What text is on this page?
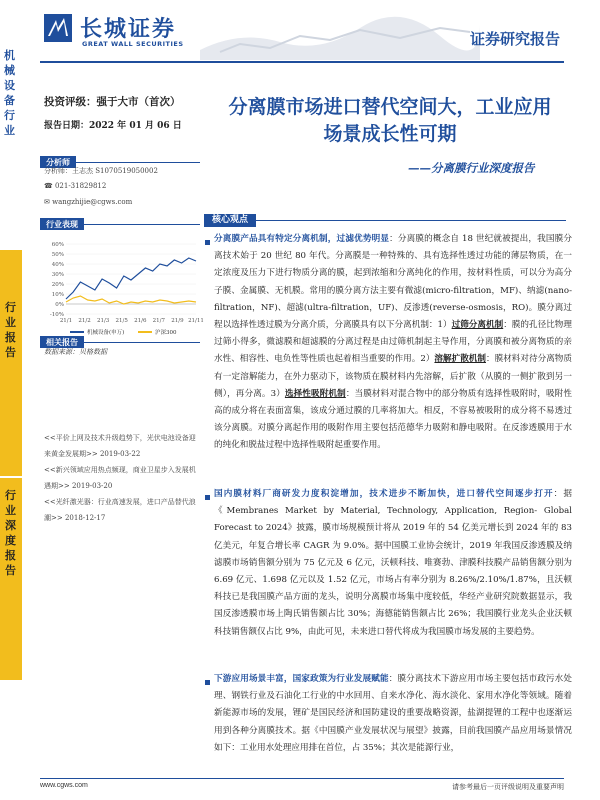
长城证券
GREAT WALL SECURITIES	证券研究报告
机
械
设
备
行
业
行
业
报
告
行
业
深
度
报
告
投资评级：强于大市（首次）
报告日期：2022 年 01 月 06 日
分析师
分析师：王志杰 S1070519050002
☎ 021-31829812
✉ wangzhijie@cgws.com
行业表现
60%
50%
40%
30%
20%
10%
0%
-10%
21/1 21/2 21/3 21/5 21/6 21/7 21/9 21/11
机械设备(申万)	沪深300
相关报告
数据来源：贝格数据
<<平价上网及技术升级趋势下，光伏电池设备迎来黄金发展期>> 2019-03-22
<<新兴领域应用热点频现，商业卫星步入发展机遇期>> 2019-03-20
<<光纤激光器：行业高速发展，进口产品替代浪潮>> 2018-12-17
分离膜市场进口替代空间大，工业应用
场景成长性可期
——分离膜行业深度报告
核心观点
分离膜产品具有特定分离机制，过滤优势明显：分离膜的概念自 18 世纪就被提出，我国膜分离技术始于 20 世纪 80 年代。分离膜是一种特殊的、具有选择性透过功能的薄层物质，在一定浓度及压力下进行物质分离的膜，起到浓缩和分离纯化的作用，按材料性质，可以分为高分子膜、金属膜、无机膜。常用的膜分离方法主要有微滤(micro-filtration，MF)、纳滤(nano-filtration，NF)、超滤(ultra-filtration，UF)、反渗透(reverse-osmosis，RO)。膜分离过程以选择性透过膜为分离介质，分离膜具有以下分离机制：1）过筛分离机制：膜的孔径比物理过筛小得多，微滤膜和超滤膜的分离过程是由过筛机制起主导作用，分离膜和被分离物质的亲水性、相容性、电负性等性质也起着相当重要的作用。2）溶解扩散机制：膜材料对待分离物质有一定溶解能力，在外力驱动下，该物质在膜材料内先溶解，后扩散（从膜的一侧扩散到另一侧），再分离。3）选择性吸附机制：当膜材料对混合物中的部分物质有选择性吸附时，吸附性高的成分将在表面富集，该成分通过膜的几率将加大。相反，不容易被吸附的成分将不易透过该分离膜。对膜分离起作用的吸附作用主要包括范德华力吸附和静电吸附。在反渗透膜用于水的纯化和脱盐过程中选择性吸附起重要作用。
国内膜材料厂商研发力度积淀增加，技术进步不断加快，进口替代空间逐步打开：据《Membranes Market by Material, Technology, Application, Region- Global Forecast to 2024》披露，膜市场规模预计将从 2019 年的 54 亿美元增长到 2024 年的 83 亿美元，年复合增长率 CAGR 为 9.0%。据中国膜工业协会统计，2019 年我国反渗透膜及纳滤膜市场销售额分别为 75 亿元及 6 亿元，沃顿科技、唯赛勃、津膜科技膜产品销售额分别为 6.69 亿元、1.698 亿元以及 1.52 亿元，市场占有率分别为 8.26%/2.10%/1.87%，且沃顿科技已是我国膜产品方面的龙头，说明分离膜市场集中度较低，华经产业研究院数据显示，我国反渗透膜市场上陶氏销售额占比 30%；海德能销售额占比 26%；我国膜行业龙头企业沃顿科技销售额仅占比 9%，由此可见，未来进口替代将成为我国膜市场发展的主要趋势。
下游应用场景丰富，国家政策为行业发展赋能：膜分离技术下游应用市场主要包括市政污水处理、钢铁行业及石油化工行业的中水回用、自来水净化、海水淡化、家用水净化等领域。随着新能源市场的发展，锂矿是国民经济和国防建设的重要战略资源，盐湖提锂的工程中也逐渐运用到各种分离膜技术。据《中国膜产业发展状况与展望》披露，目前我国膜产品应用场景情况如下：工业用水处理应用排在首位，占 35%；其次是能源行业，
www.cgws.com	请参考最后一页评级说明及重要声明
